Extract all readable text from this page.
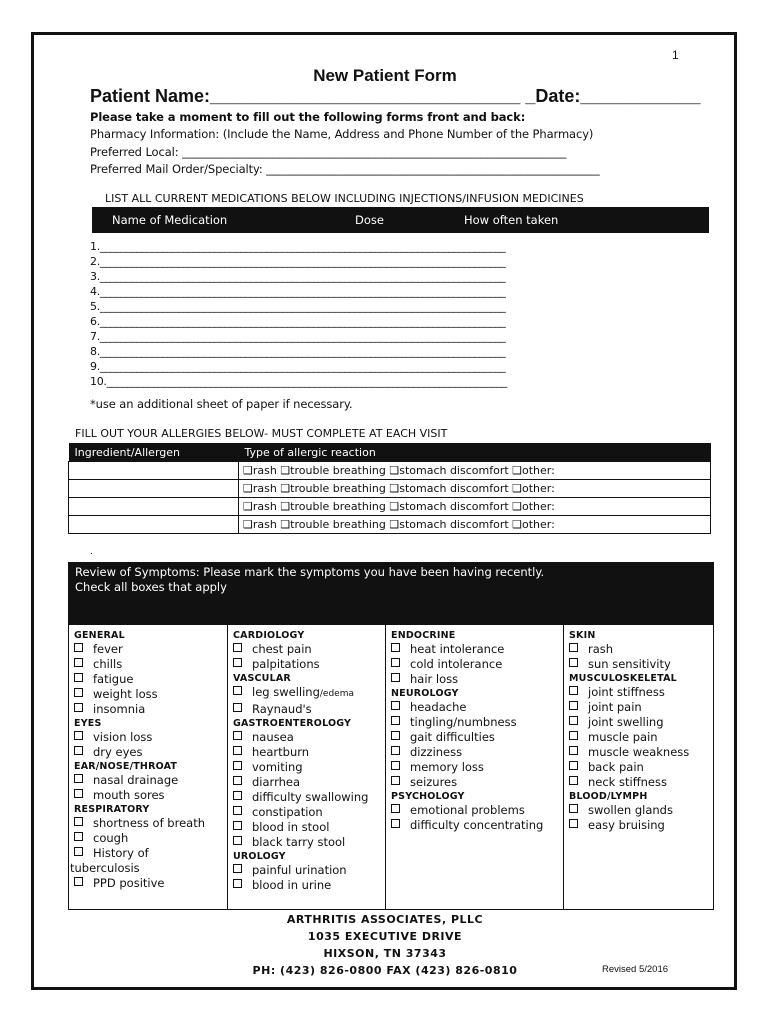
1
New Patient Form
Patient Name:_______________________________ _Date:____________
Please take a moment to fill out the following forms front and back:
Pharmacy Information: (Include the Name, Address and Phone Number of the Pharmacy)
Preferred Local: ____________________________________________________________________
Preferred Mail Order/Specialty: ___________________________________________________________
LIST ALL CURRENT MEDICATIONS BELOW INCLUDING INJECTIONS/INFUSION MEDICINES
Name of Medication	Dose	How often taken
1.______________________________________________________________________________
2.______________________________________________________________________________
3.______________________________________________________________________________
4.______________________________________________________________________________
5.______________________________________________________________________________
6.______________________________________________________________________________
7.______________________________________________________________________________
8.______________________________________________________________________________
9.______________________________________________________________________________
10._____________________________________________________________________________
*use an additional sheet of paper if necessary.
FILL OUT YOUR ALLERGIES BELOW- MUST COMPLETE AT EACH VISIT
Ingredient/Allergen	Type of allergic reaction
	❑rash ❑trouble breathing ❑stomach discomfort ❑other:
	❑rash ❑trouble breathing ❑stomach discomfort ❑other:
	❑rash ❑trouble breathing ❑stomach discomfort ❑other:
	❑rash ❑trouble breathing ❑stomach discomfort ❑other:
.
Review of Symptoms: Please mark the symptoms you have been having recently.
Check all boxes that apply
GENERAL
fever
chills
fatigue
weight loss
insomnia
EYES
vision loss
dry eyes
EAR/NOSE/THROAT
nasal drainage
mouth sores
RESPIRATORY
shortness of breath
cough
History of
tuberculosis
PPD positive
CARDIOLOGY
chest pain
palpitations
VASCULAR
leg swelling/edema
Raynaud's
GASTROENTEROLOGY
nausea
heartburn
vomiting
diarrhea
difficulty swallowing
constipation
blood in stool
black tarry stool
UROLOGY
painful urination
blood in urine
ENDOCRINE
heat intolerance
cold intolerance
hair loss
NEUROLOGY
headache
tingling/numbness
gait difficulties
dizziness
memory loss
seizures
PSYCHOLOGY
emotional problems
difficulty concentrating
SKIN
rash
sun sensitivity
MUSCULOSKELETAL
joint stiffness
joint pain
joint swelling
muscle pain
muscle weakness
back pain
neck stiffness
BLOOD/LYMPH
swollen glands
easy bruising
ARTHRITIS ASSOCIATES, PLLC
1035 EXECUTIVE DRIVE
HIXSON, TN 37343
PH: (423) 826-0800 FAX (423) 826-0810	Revised 5/2016
